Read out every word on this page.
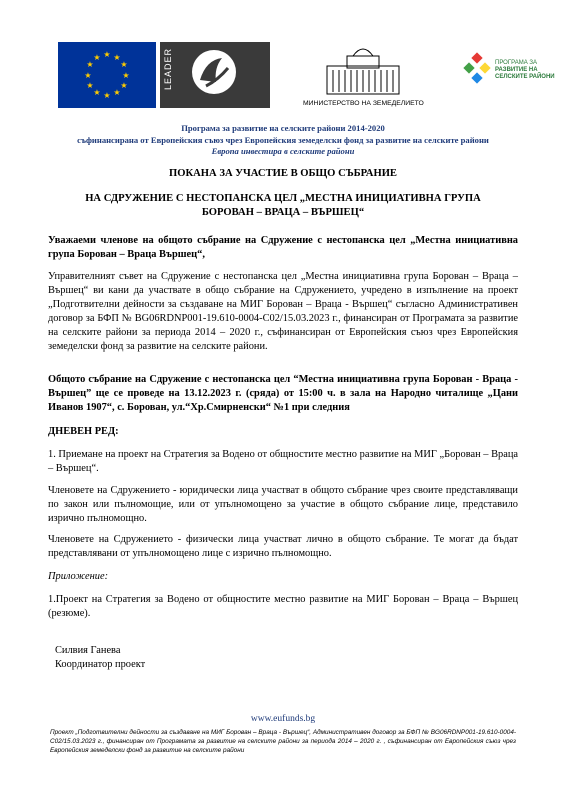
★ ★
★
★
★
★
★
★
★
★
★
★	LEADER
МИНИСТЕРСТВО НА ЗЕМЕДЕЛИЕТО
ПРОГРАМА ЗА
РАЗВИТИЕ НА
СЕЛСКИТЕ РАЙОНИ
Програма за развитие на селските райони 2014-2020
съфинансирана от Европейския съюз чрез Европейския земеделски фонд за развитие на селските райони
Европа инвестира в селските райони
ПОКАНА ЗА УЧАСТИЕ В ОБЩО СЪБРАНИЕ
НА СДРУЖЕНИЕ С НЕСТОПАНСКА ЦЕЛ „МЕСТНА ИНИЦИАТИВНА ГРУПА БОРОВАН – ВРАЦА – ВЪРШЕЦ“
Уважаеми членове на общото събрание на Сдружение с нестопанска цел „Местна инициативна група Борован – Враца Вършец“,
Управителният съвет на Сдружение с нестопанска цел „Местна инициативна група Борован – Враца – Вършец“ ви кани да участвате в общо събрание на Сдружението, учредено в изпълнение на проект „Подготвителни дейности за създаване на МИГ Борован – Враца - Вършец“ съгласно Административен договор за БФП № BG06RDNP001-19.610-0004-C02/15.03.2023 г., финансиран от Програмата за развитие на селските райони за периода 2014 – 2020 г., съфинансиран от Европейския съюз чрез Европейския земеделски фонд за развитие на селските райони.
Общото събрание на Сдружение с нестопанска цел “Местна инициативна група Борован - Враца - Вършец” ще се проведе на 13.12.2023 г. (сряда) от 15:00 ч. в зала на Народно читалище „Цани Иванов 1907“, с. Борован, ул.“Хр.Смирненски“ №1 при следния
ДНЕВЕН РЕД:
1. Приемане на проект на Стратегия за Водено от общностите местно развитие на МИГ „Борован – Враца – Вършец“.
Членовете на Сдружението - юридически лица участват в общото събрание чрез своите представляващи по закон или пълномощие, или от упълномощено за участие в общото събрание лице, представило изрично пълномощно.
Членовете на Сдружението - физически лица участват лично в общото събрание. Те могат да бъдат представлявани от упълномощено лице с изрично пълномощно.
Приложение:
1.Проект на Стратегия за Водено от общностите местно развитие на МИГ Борован – Враца – Вършец (резюме).
Силвия Ганева
Координатор проект
www.eufunds.bg
Проект „Подготвителни дейности за създаване на МИГ Борован – Враца - Вършец“, Административен договор за БФП № BG06RDNP001-19.610-0004-C02/15.03.2023 г., финансиран от Програмата за развитие на селските райони за периода 2014 – 2020 г. , съфинансиран от Европейския съюз чрез Европейския земеделски фонд за развитие на селските райони
